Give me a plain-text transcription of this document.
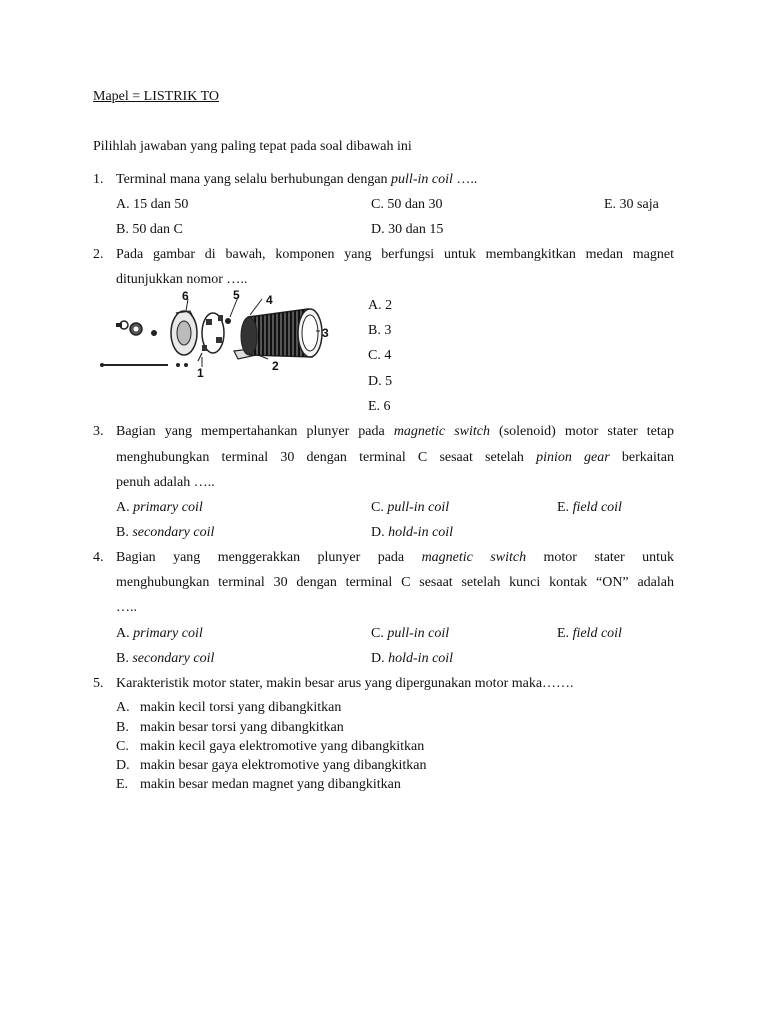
Mapel = LISTRIK TO
Pilihlah jawaban yang paling tepat pada soal dibawah ini
1. Terminal mana yang selalu berhubungan dengan pull-in coil …..
A. 15 dan 50	C. 50 dan 30	E. 30 saja
B. 50 dan C	D. 30 dan 15
2. Pada gambar di bawah, komponen yang berfungsi untuk membangkitkan medan magnet
ditunjukkan nomor …..
6	5 4
3
2
1
A. 2
B. 3
C. 4
D. 5
E. 6
3. Bagian yang mempertahankan plunyer pada magnetic switch (solenoid) motor stater tetap
menghubungkan terminal 30 dengan terminal C sesaat setelah pinion gear berkaitan
penuh adalah …..
A. primary coil	C. pull-in coil	E. field coil
B. secondary coil	D. hold-in coil
4. Bagian yang menggerakkan plunyer pada magnetic switch motor stater untuk
menghubungkan terminal 30 dengan terminal C sesaat setelah kunci kontak “ON” adalah
…..
A. primary coil	C. pull-in coil	E. field coil
B. secondary coil	D. hold-in coil
5. Karakteristik motor stater, makin besar arus yang dipergunakan motor maka…….
A. makin kecil torsi yang dibangkitkan
B. makin besar torsi yang dibangkitkan
C. makin kecil gaya elektromotive yang dibangkitkan
D. makin besar gaya elektromotive yang dibangkitkan
E. makin besar medan magnet yang dibangkitkan
